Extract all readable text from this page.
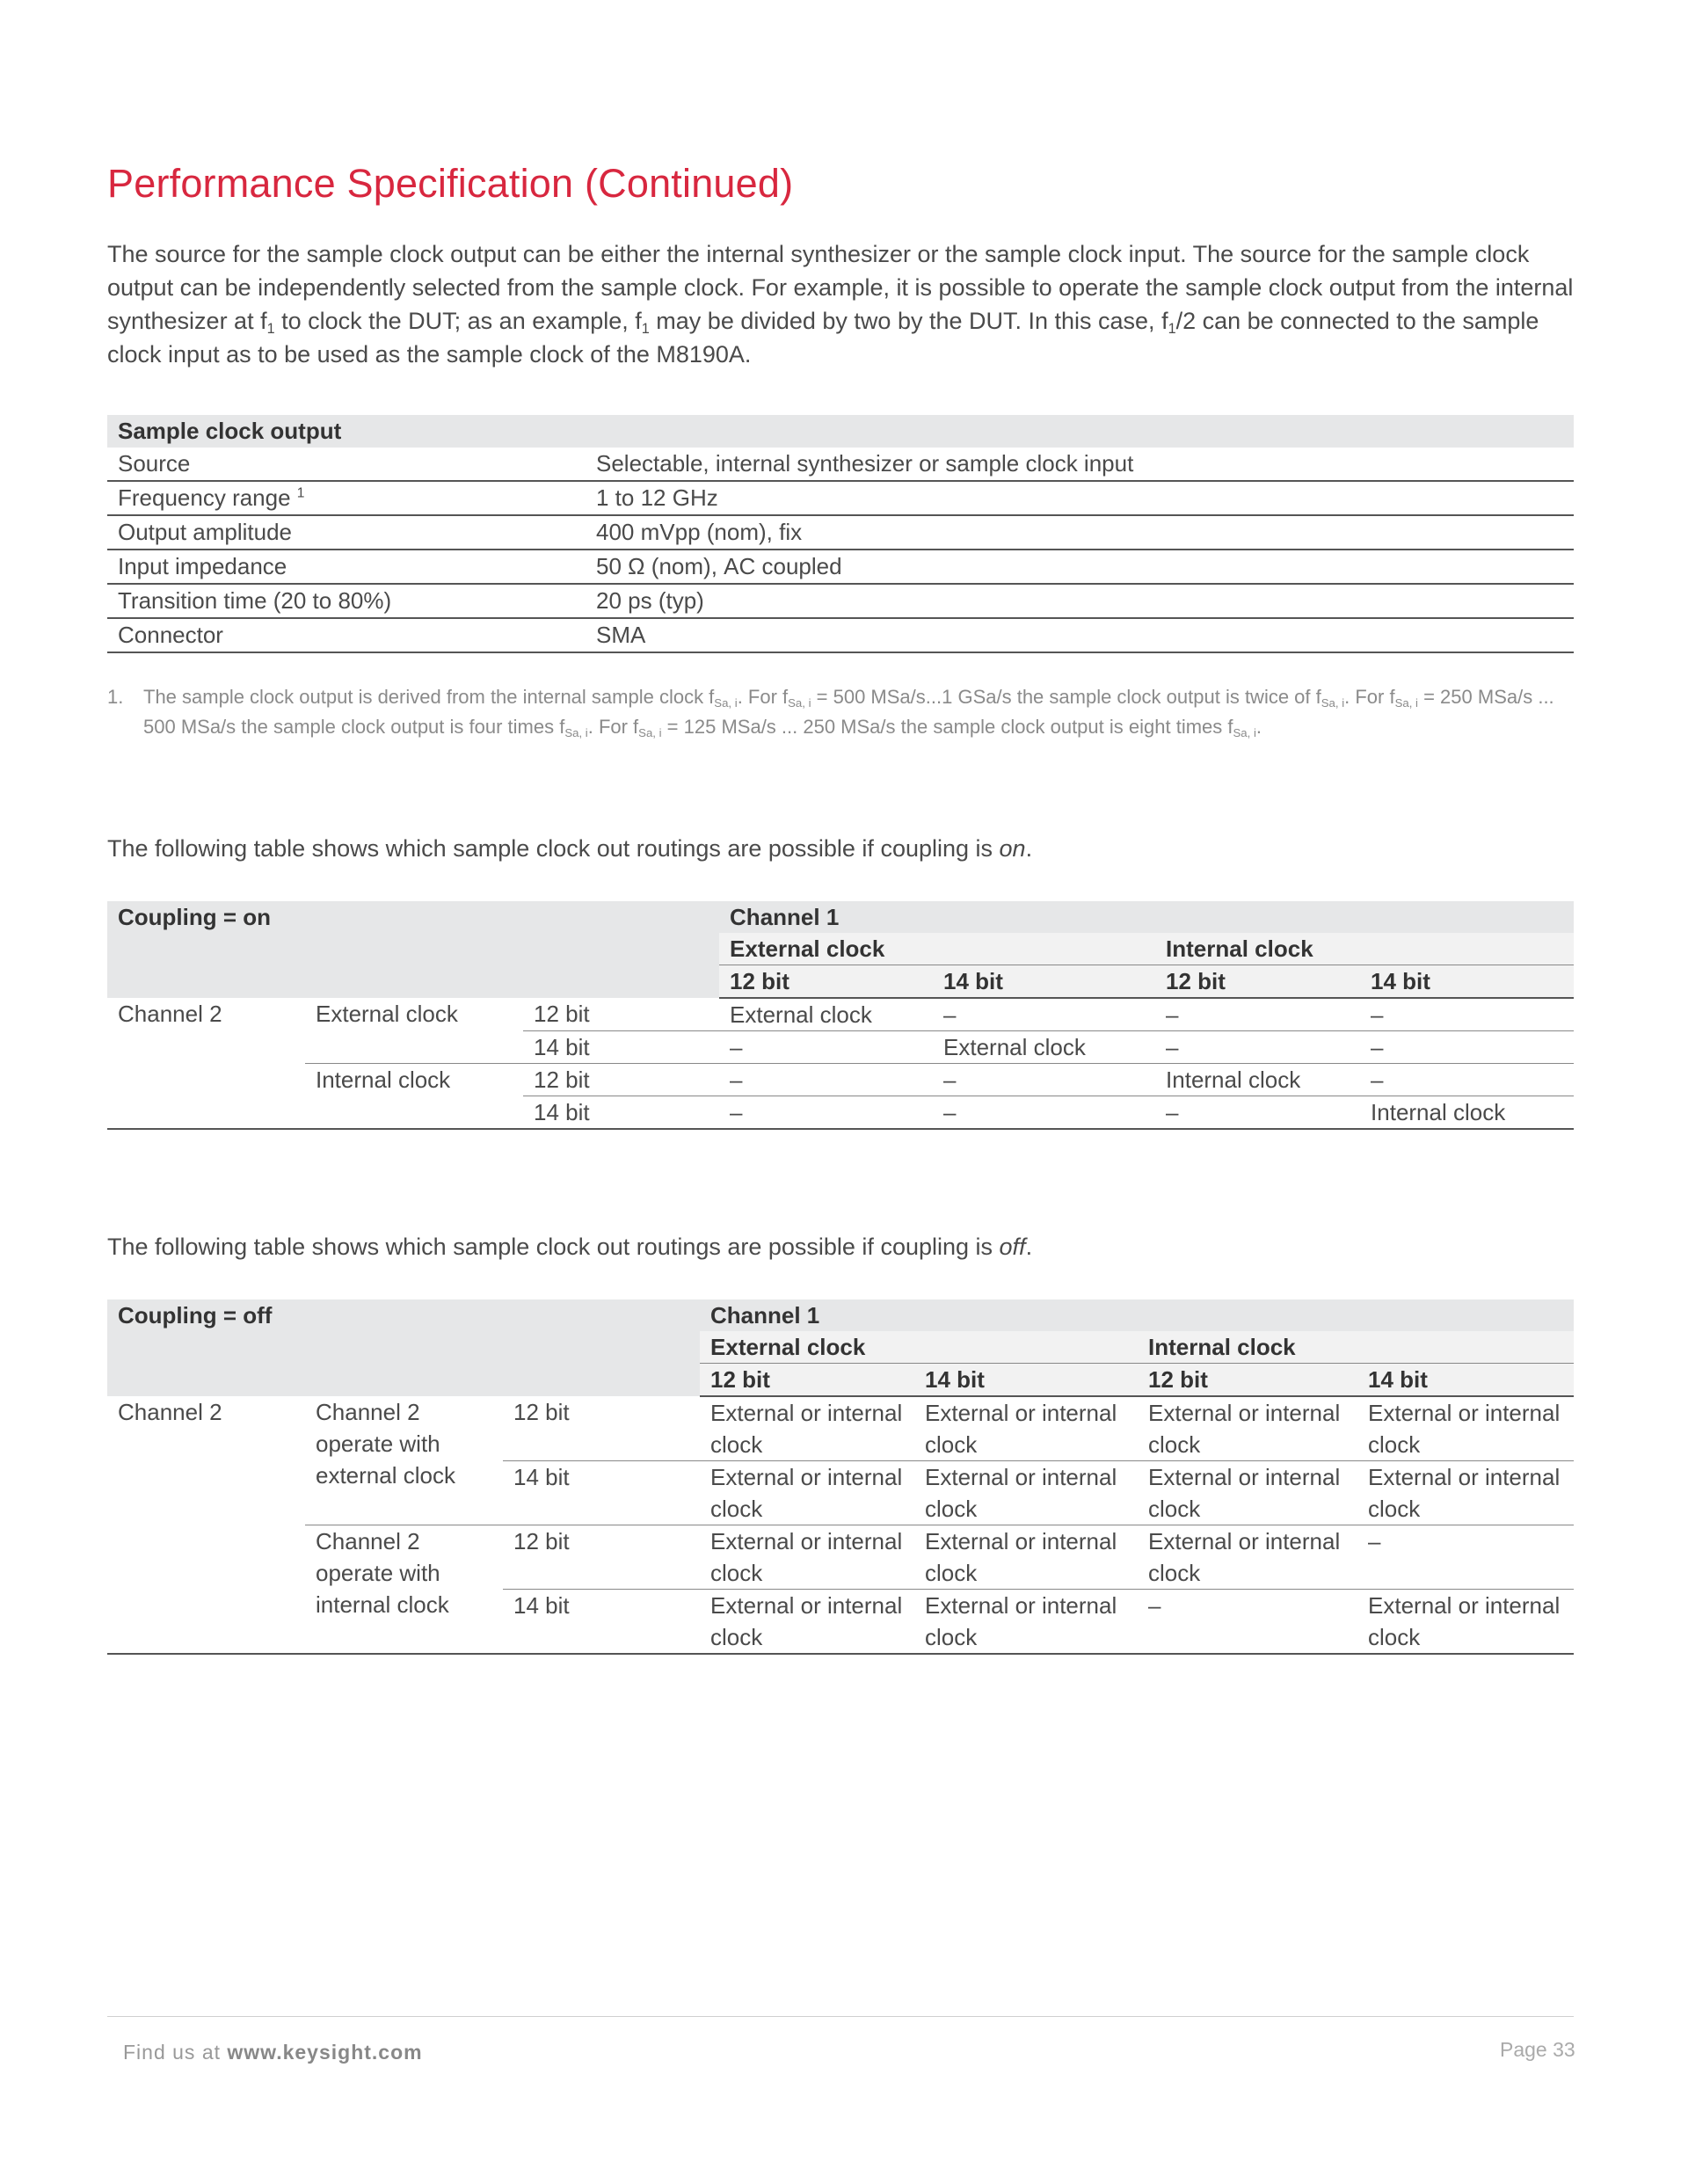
Performance Specification (Continued)

The source for the sample clock output can be either the internal synthesizer or the sample clock input. The source for the sample clock output can be independently selected from the sample clock. For example, it is possible to operate the sample clock output from the internal synthesizer at $f_1$ to clock the DUT; as an example, $f_1$ may be divided by two by the DUT. In this case, $f_1/2$ can be connected to the sample clock input as to be used as the sample clock of the M8190A.

Sample clock output	
Source	Selectable, internal synthesizer or sample clock input
Frequency range $^1$	1 to 12 GHz
Output amplitude	400 mVpp (nom), fix
Input impedance	50 Ω (nom), AC coupled
Transition time (20 to 80%)	20 ps (typ)
Connector	SMA
1. The sample clock output is derived from the internal sample clock $f_{Sa, i}$. For $f_{Sa, i} = 500$ MSa/s...1 GSa/s the sample clock output is twice of $f_{Sa, i}$. For $f_{Sa, i} = 250$ MSa/s ... 500 MSa/s the sample clock output is four times $f_{Sa, i}$. For $f_{Sa, i} = 125$ MSa/s ... 250 MSa/s the sample clock output is eight times $f_{Sa, i}$.

The following table shows which sample clock out routings are possible if coupling is on.

Coupling = on			Channel 1			
			External clock		Internal clock	
			12 bit	14 bit	12 bit	14 bit
Channel 2	External clock	12 bit	External clock	–	–	–
		14 bit	–	External clock	–	–
	Internal clock	12 bit	–	–	Internal clock	–
		14 bit	–	–	–	Internal clock

The following table shows which sample clock out routings are possible if coupling is off.

Coupling = off			Channel 1			
			External clock		Internal clock	
			12 bit	14 bit	12 bit	14 bit
Channel 2	Channel 2 operate with external clock	12 bit	External or internal clock	External or internal clock	External or internal clock	External or internal clock
		14 bit	External or internal clock	External or internal clock	External or internal clock	External or internal clock
	Channel 2 operate with internal clock	12 bit	External or internal clock	External or internal clock	External or internal clock	–
		14 bit	External or internal clock	External or internal clock	–	External or internal clock
Find us at www.keysight.com	Page 33
